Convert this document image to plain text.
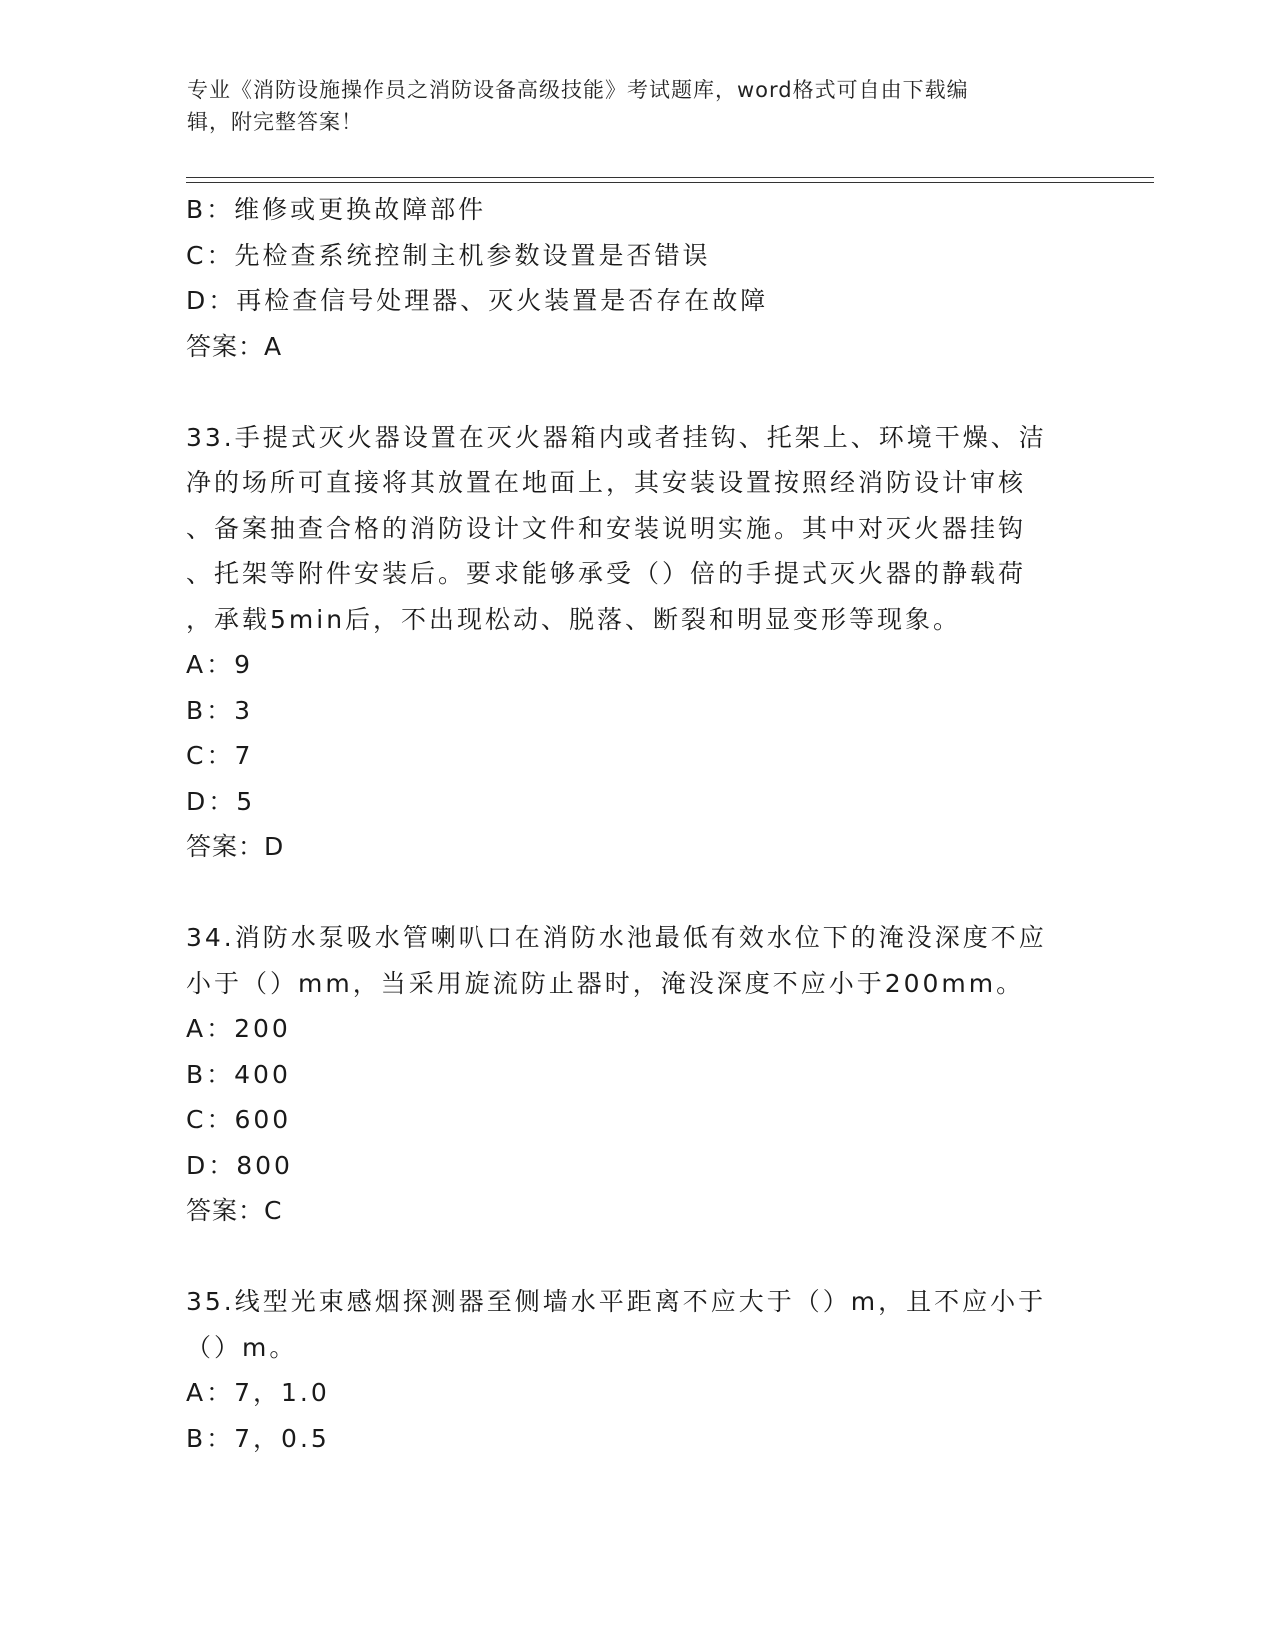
专业《消防设施操作员之消防设备高级技能》考试题库，word格式可自由下载编
辑，附完整答案！
B：维修或更换故障部件
C：先检查系统控制主机参数设置是否错误
D：再检查信号处理器、灭火装置是否存在故障
答案：A
33.手提式灭火器设置在灭火器箱内或者挂钩、托架上、环境干燥、洁
净的场所可直接将其放置在地面上，其安装设置按照经消防设计审核
、备案抽查合格的消防设计文件和安装说明实施。其中对灭火器挂钩
、托架等附件安装后。要求能够承受（）倍的手提式灭火器的静载荷
，承载5min后，不出现松动、脱落、断裂和明显变形等现象。
A：9
B：3
C：7
D：5
答案：D
34.消防水泵吸水管喇叭口在消防水池最低有效水位下的淹没深度不应
小于（）mm，当采用旋流防止器时，淹没深度不应小于200mm。
A：200
B：400
C：600
D：800
答案：C
35.线型光束感烟探测器至侧墙水平距离不应大于（）m，且不应小于
（）m。
A：7，1.0
B：7，0.5
